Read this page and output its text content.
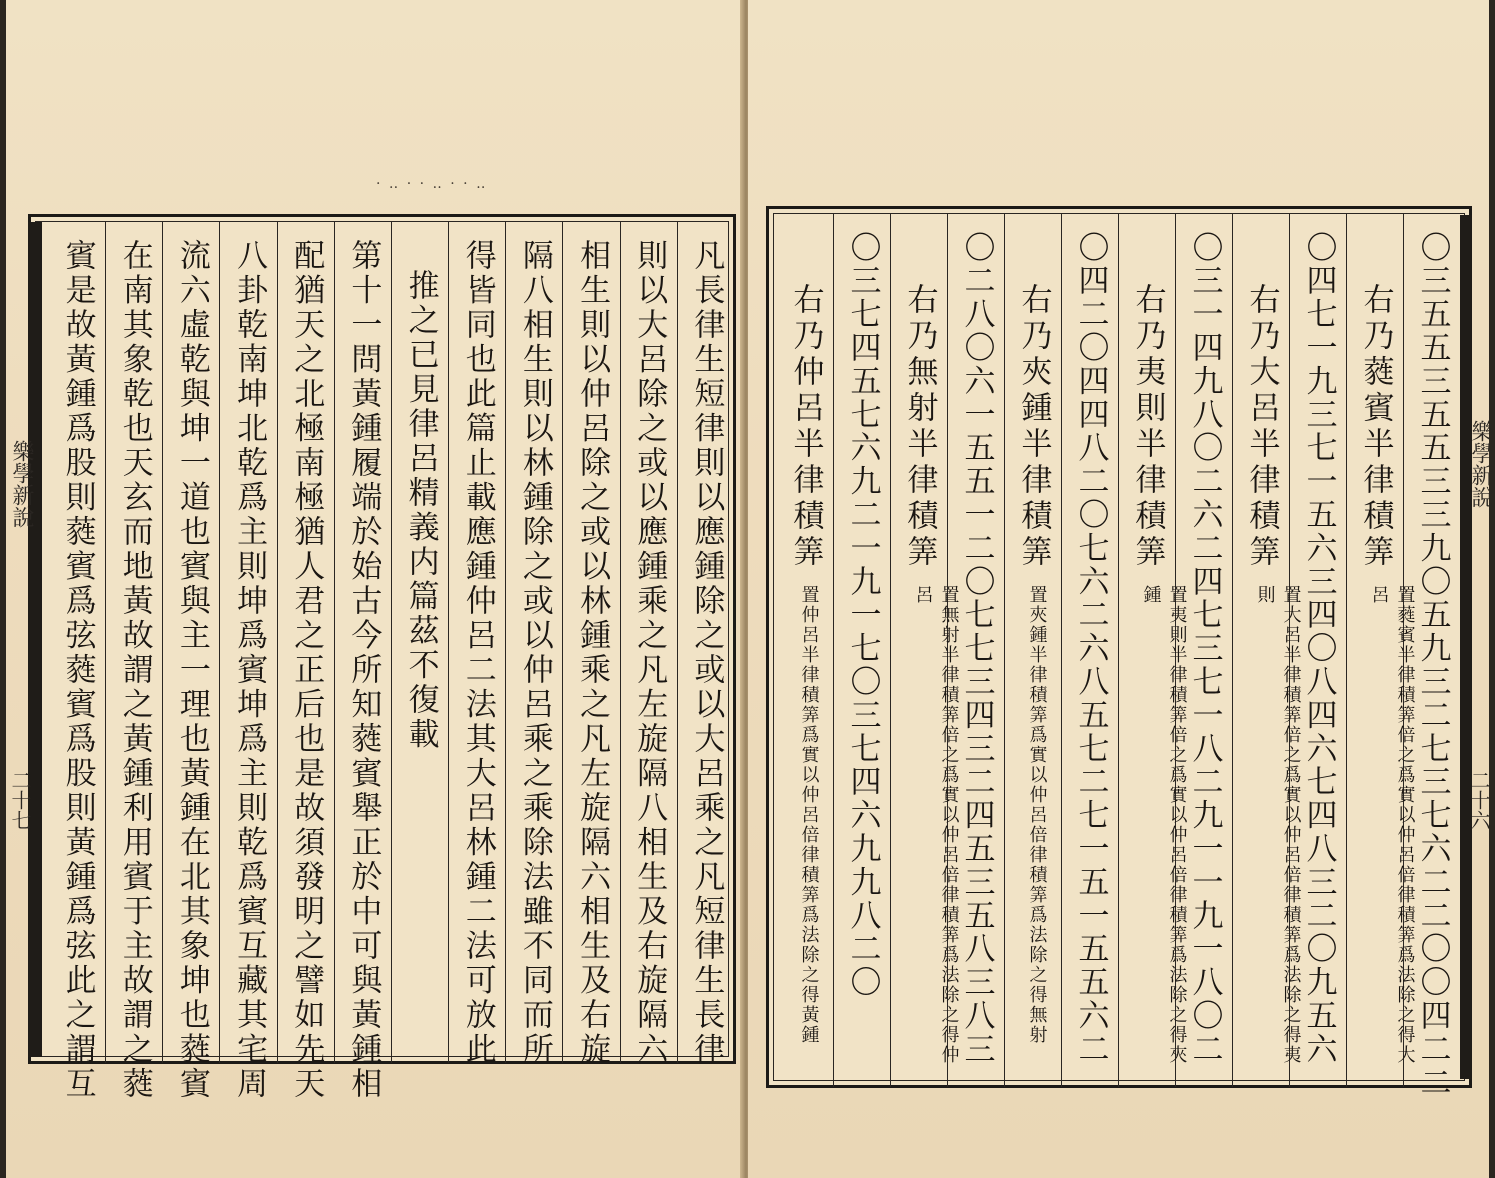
· ‥ · · ‥ · · ‥
凡長律生短律則以應鍾除之或以大呂乘之凡短律生長律
則以大呂除之或以應鍾乘之凡左旋隔八相生及右旋隔六
相生則以仲呂除之或以林鍾乘之凡左旋隔六相生及右旋
隔八相生則以林鍾除之或以仲呂乘之乘除法雖不同而所
得皆同也此篇止載應鍾仲呂二法其大呂林鍾二法可放此
推之已見律呂精義内篇茲不復載
第十一問黃鍾履端於始古今所知蕤賓舉正於中可與黃鍾相
配猶天之北極南極猶人君之正后也是故須發明之譬如先天
八卦乾南坤北乾爲主則坤爲賓坤爲主則乾爲賓互藏其宅周
流六虛乾與坤一道也賓與主一理也黃鍾在北其象坤也蕤賓
在南其象乾也天玄而地黃故謂之黃鍾利用賓于主故謂之蕤
賓是故黃鍾爲股則蕤賓爲弦蕤賓爲股則黃鍾爲弦此之謂互
樂學新說
二十七	〇三五五三五五三三九〇五九三二七三七六二二〇〇四二二
右乃蕤賓半律積筭
置蕤賓半律積筭倍之爲實以仲呂倍律積筭爲法除之得大呂
〇四七一九三七一五六三四〇八四六七四八三二〇九五六
右乃大呂半律積筭
置大呂半律積筭倍之爲實以仲呂倍律積筭爲法除之得夷則
〇三一四九八〇二六二四七三七一八二九一一九一八〇二
右乃夷則半律積筭
置夷則半律積筭倍之爲實以仲呂倍律積筭爲法除之得夾鍾
〇四二〇四四八二〇七六二六八五七二七一五一五五六二
右乃夾鍾半律積筭
置夾鍾半律積筭爲實以仲呂倍律積筭爲法除之得無射
〇二八〇六一五五一二〇七七三四三二四五三五八三八三
右乃無射半律積筭
置無射半律積筭倍之爲實以仲呂倍律積筭爲法除之得仲呂
〇三七四五七六九二一九一七〇三七四六九九八二〇
右乃仲呂半律積筭
置仲呂半律積筭爲實以仲呂倍律積筭爲法除之得黃鍾
樂學新說
二十六
